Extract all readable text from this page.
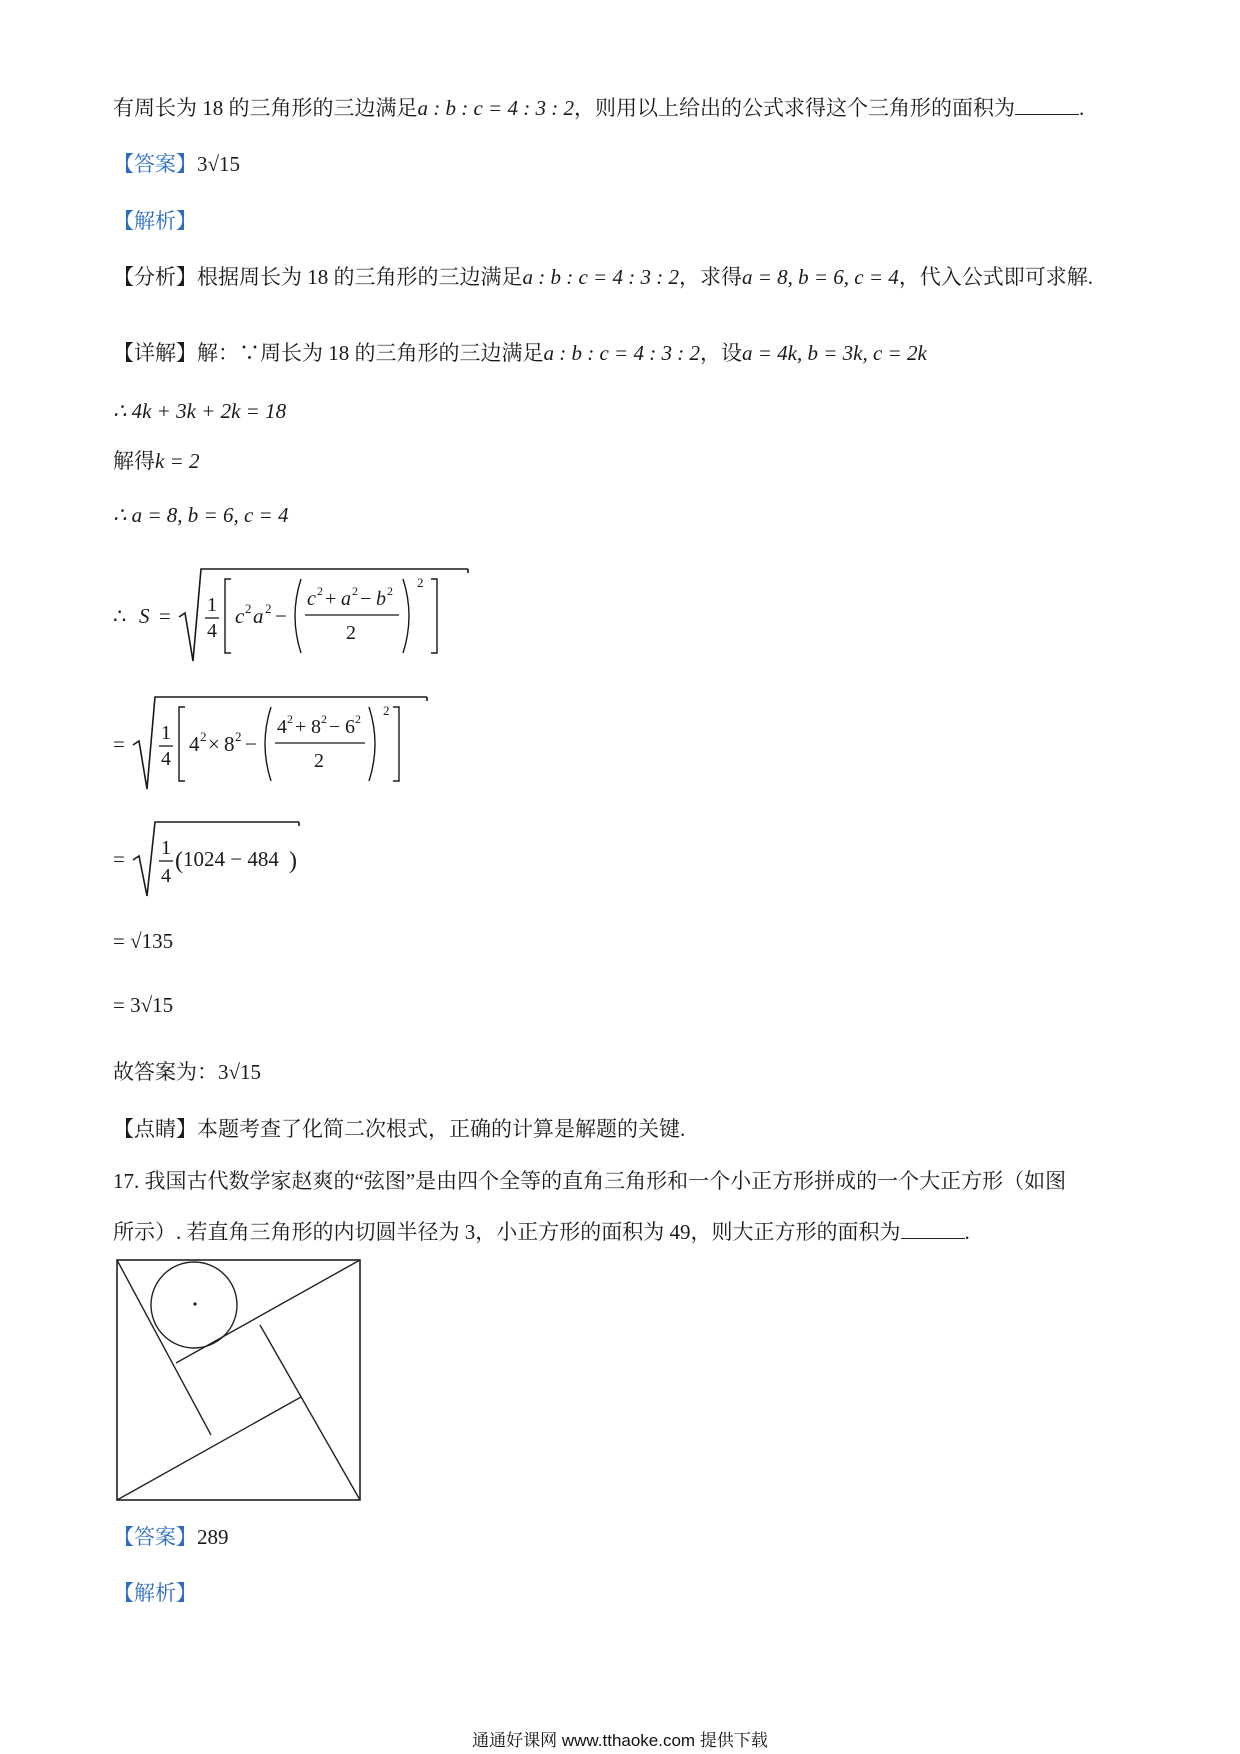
有周长为 18 的三角形的三边满足a : b : c = 4 : 3 : 2，则用以上给出的公式求得这个三角形的面积为	.
【答案】3√15
【解析】
【分析】根据周长为 18 的三角形的三边满足a : b : c = 4 : 3 : 2，求得a = 8, b = 6, c = 4，代入公式即可求解.
【详解】解：∵周长为 18 的三角形的三边满足a : b : c = 4 : 3 : 2，设a = 4k, b = 3k, c = 2k
∴ 4k + 3k + 2k = 18
解得k = 2
∴ a = 8, b = 6, c = 4
∴ S = 1
4
c 2 a 2 −
c 2 + a 2 − b 2
2
2
= 1
4
4 2 × 8 2 −
4 2 + 8 2 − 6 2
2
2
= 1
4
( 1024 − 484 )
= √135
= 3√15
故答案为：3√15
【点睛】本题考查了化简二次根式，正确的计算是解题的关键.
17. 我国古代数学家赵爽的“弦图”是由四个全等的直角三角形和一个小正方形拼成的一个大正方形（如图
所示）. 若直角三角形的内切圆半径为 3，小正方形的面积为 49，则大正方形的面积为	.
【答案】289
【解析】
通通好课网 www.tthaoke.com 提供下载
